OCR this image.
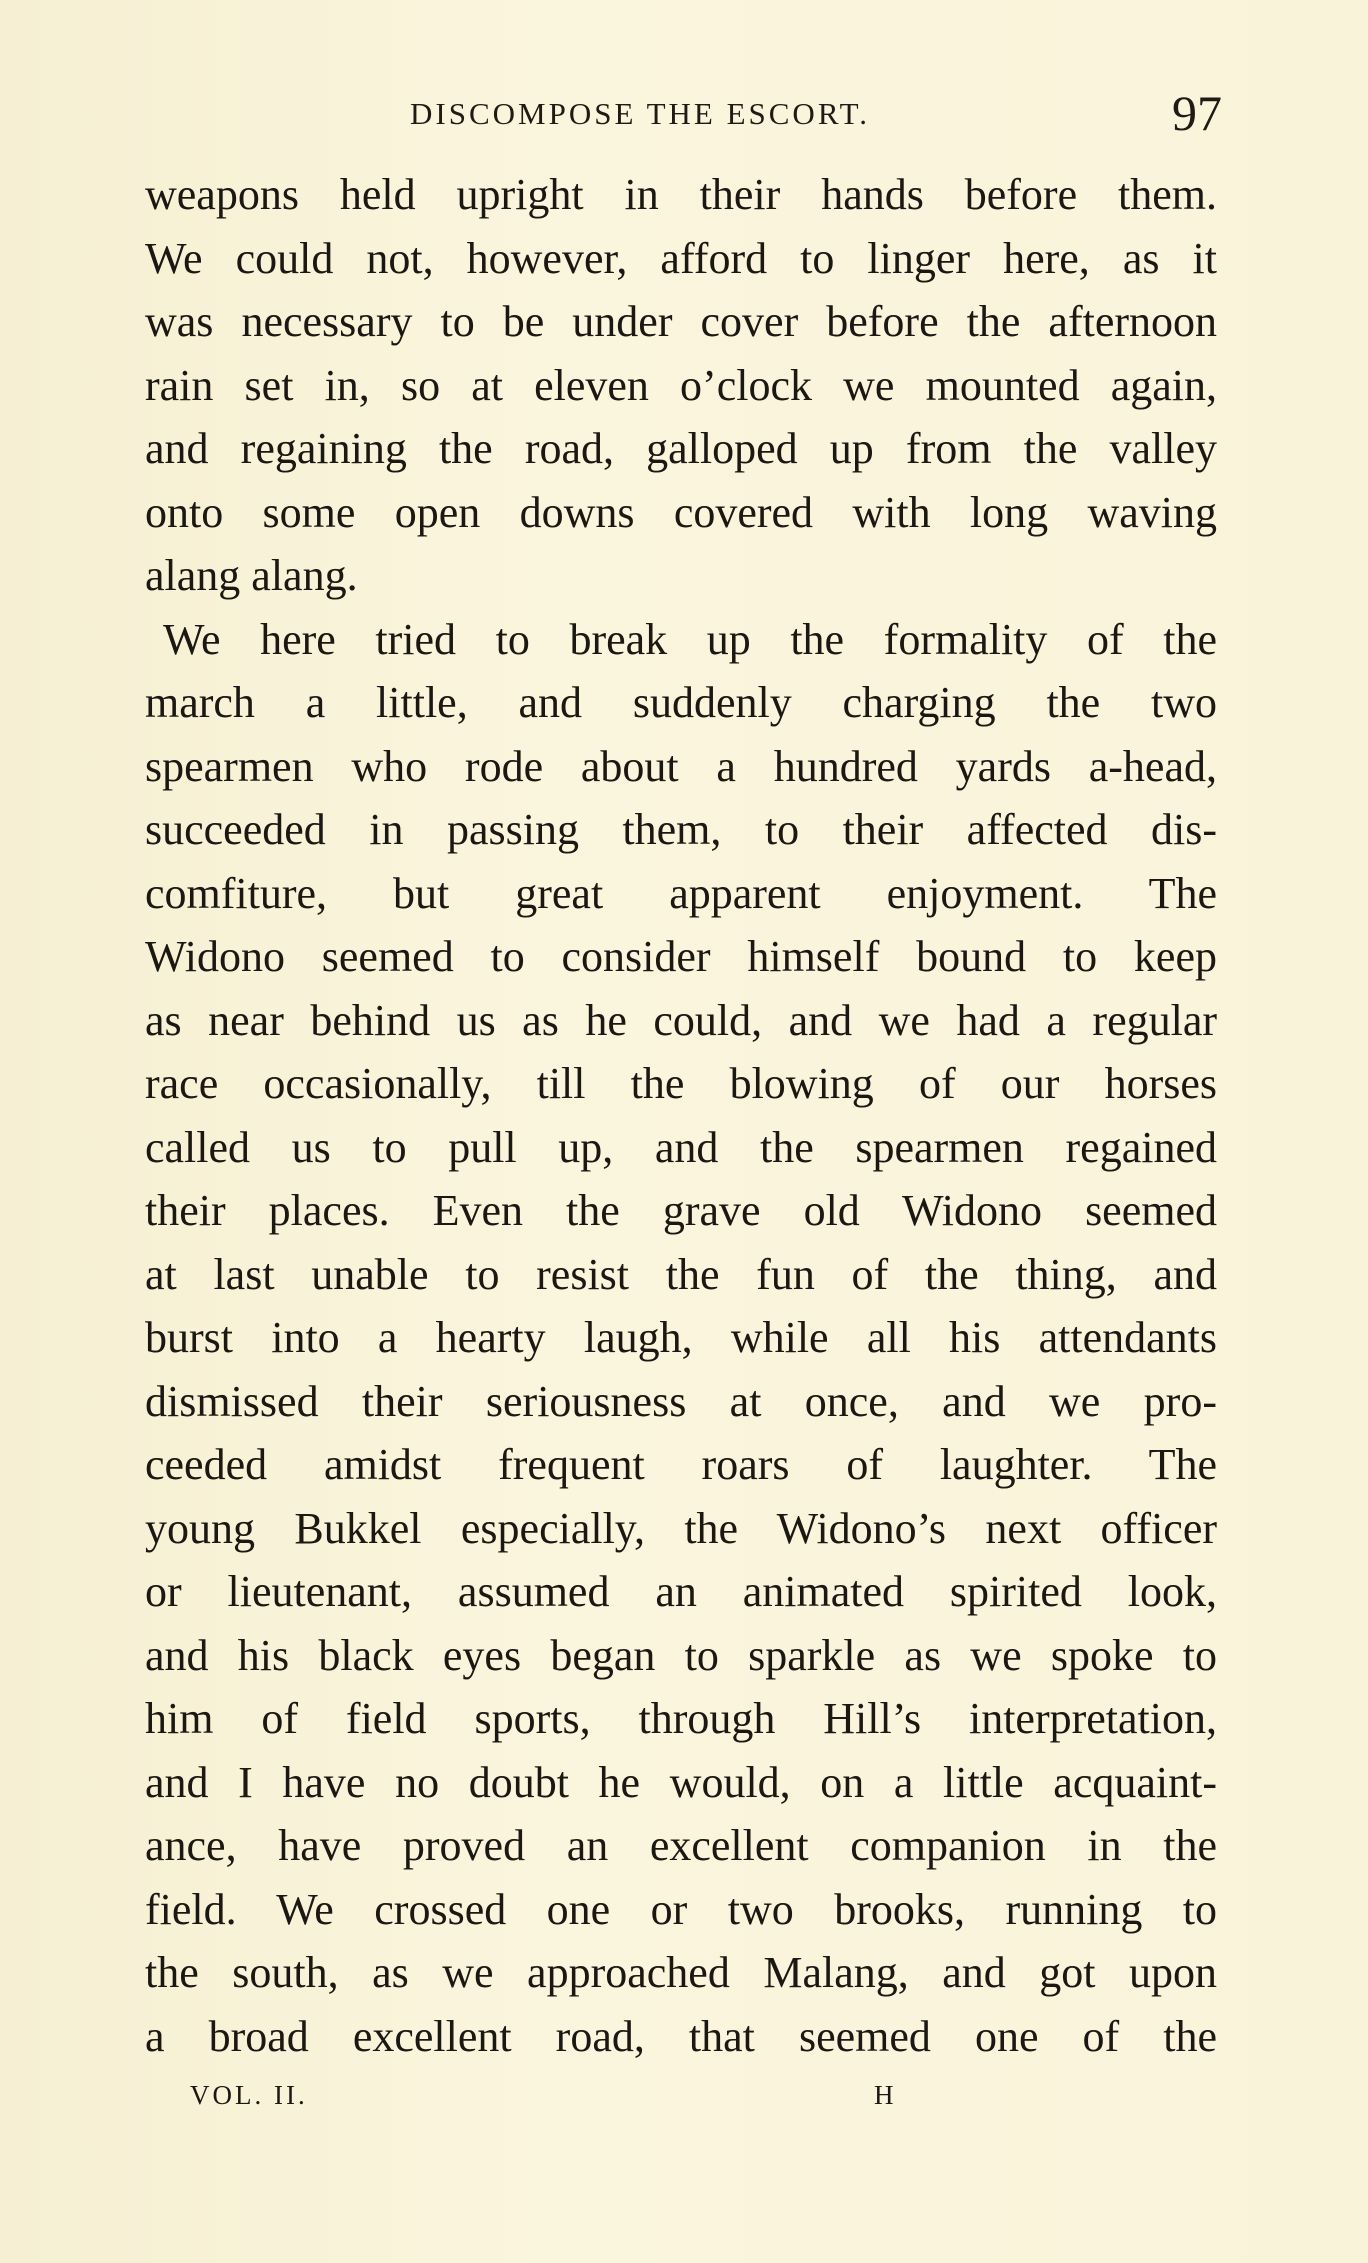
DISCOMPOSE THE ESCORT.	97
weapons held upright in their hands before them.
We could not, however, afford to linger here, as it
was necessary to be under cover before the afternoon
rain set in, so at eleven o’clock we mounted again,
and regaining the road, galloped up from the valley
onto some open downs covered with long waving
alang alang.
We here tried to break up the formality of the
march a little, and suddenly charging the two
spearmen who rode about a hundred yards a-head,
succeeded in passing them, to their affected dis-
comfiture, but great apparent enjoyment. The
Widono seemed to consider himself bound to keep
as near behind us as he could, and we had a regular
race occasionally, till the blowing of our horses
called us to pull up, and the spearmen regained
their places. Even the grave old Widono seemed
at last unable to resist the fun of the thing, and
burst into a hearty laugh, while all his attendants
dismissed their seriousness at once, and we pro-
ceeded amidst frequent roars of laughter. The
young Bukkel especially, the Widono’s next officer
or lieutenant, assumed an animated spirited look,
and his black eyes began to sparkle as we spoke to
him of field sports, through Hill’s interpretation,
and I have no doubt he would, on a little acquaint-
ance, have proved an excellent companion in the
field. We crossed one or two brooks, running to
the south, as we approached Malang, and got upon
a broad excellent road, that seemed one of the
VOL. II.	H
